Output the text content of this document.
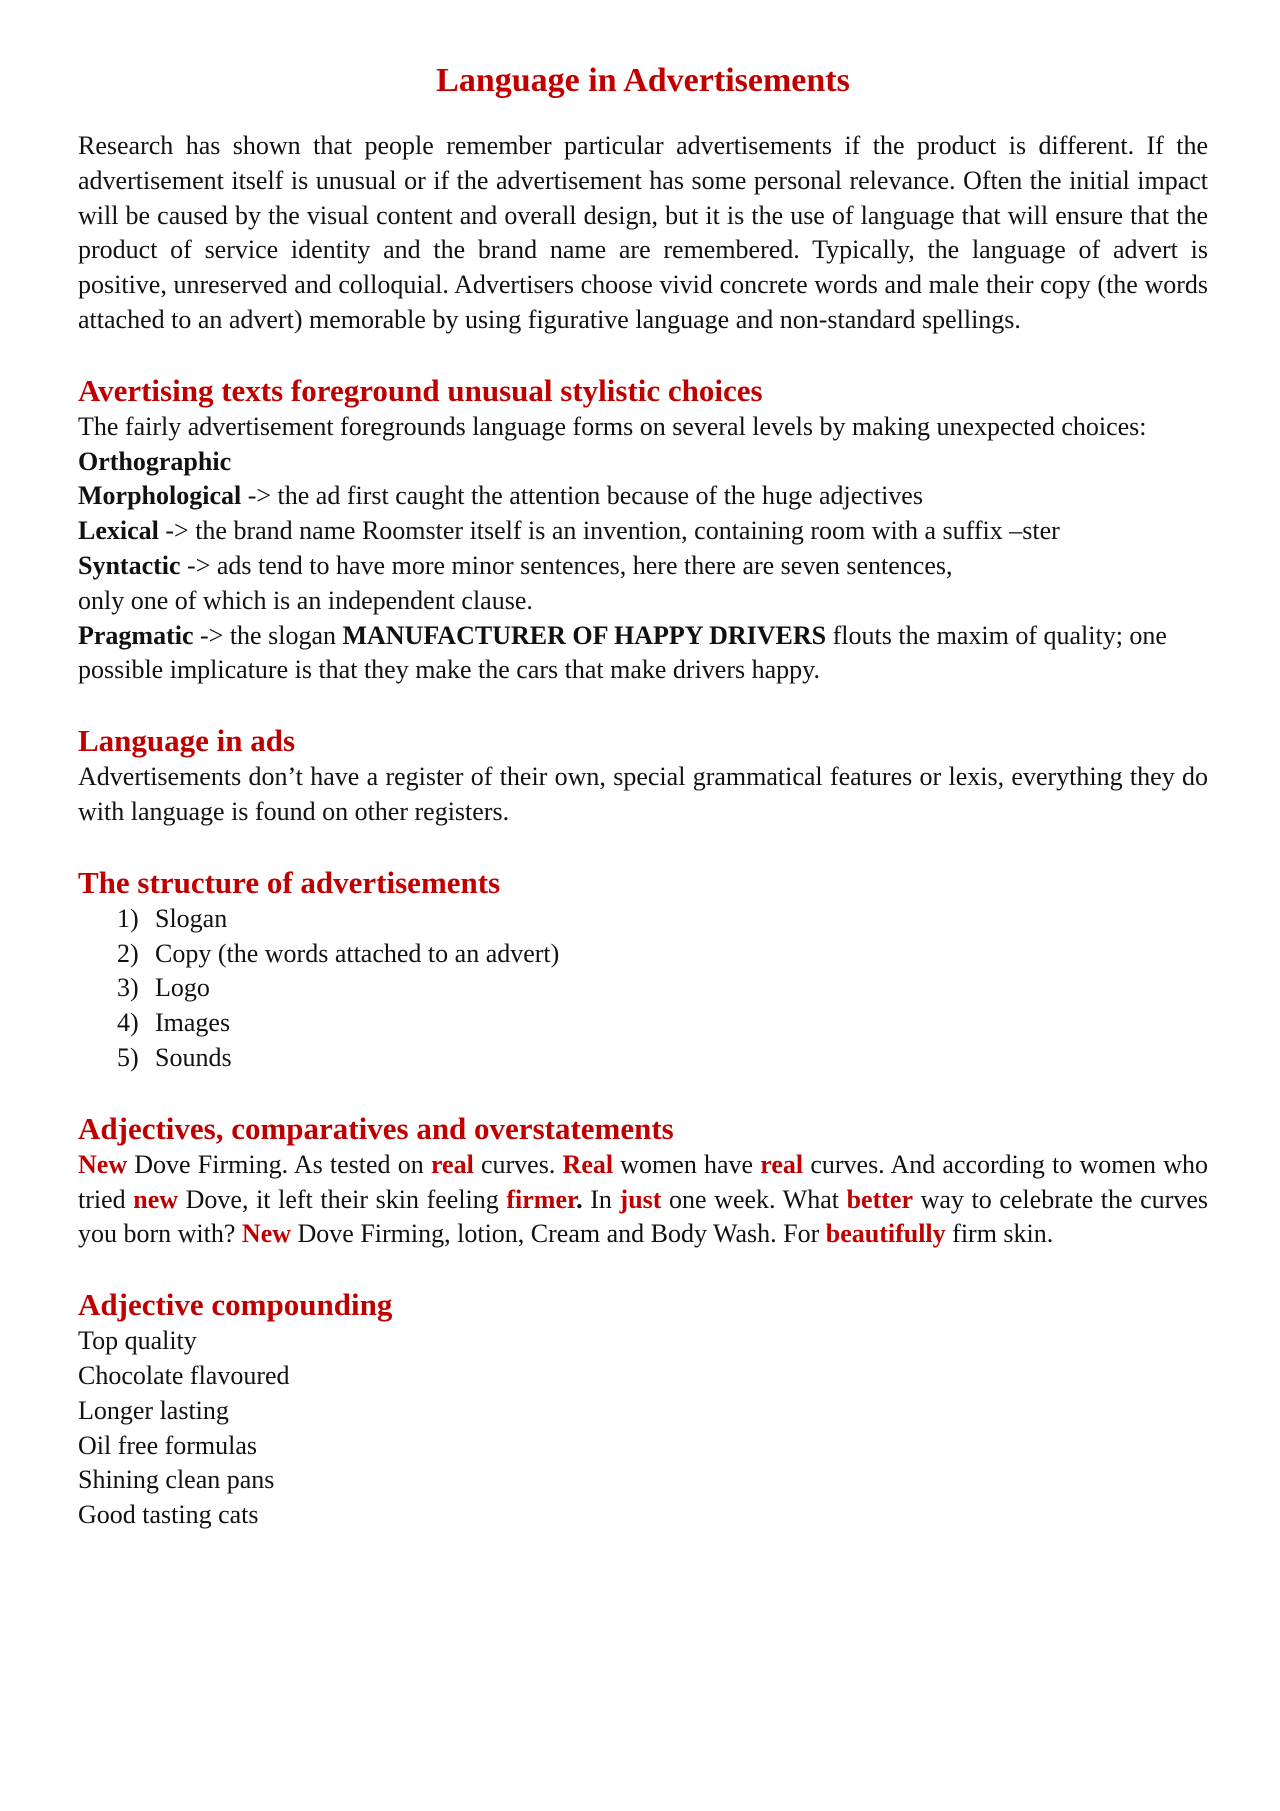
Language in Advertisements

Research has shown that people remember particular advertisements if the product is different. If the advertisement itself is unusual or if the advertisement has some personal relevance. Often the initial impact will be caused by the visual content and overall design, but it is the use of language that will ensure that the product of service identity and the brand name are remembered. Typically, the language of advert is positive, unreserved and colloquial. Advertisers choose vivid concrete words and male their copy (the words attached to an advert) memorable by using figurative language and non-standard spellings.

Avertising texts foreground unusual stylistic choices

The fairly advertisement foregrounds language forms on several levels by making unexpected choices:

Orthographic

Morphological -> the ad first caught the attention because of the huge adjectives

Lexical -> the brand name Roomster itself is an invention, containing room with a suffix –ster

Syntactic -> ads tend to have more minor sentences, here there are seven sentences,

only one of which is an independent clause.

Pragmatic -> the slogan MANUFACTURER OF HAPPY DRIVERS flouts the maxim of quality; one possible implicature is that they make the cars that make drivers happy.

Language in ads

Advertisements don’t have a register of their own, special grammatical features or lexis, everything they do with language is found on other registers.

The structure of advertisements
1) Slogan
2) Copy (the words attached to an advert)
3) Logo
4) Images
5) Sounds
Adjectives, comparatives and overstatements

New Dove Firming. As tested on real curves. Real women have real curves. And according to women who tried new Dove, it left their skin feeling firmer. In just one week. What better way to celebrate the curves you born with? New Dove Firming, lotion, Cream and Body Wash. For beautifully firm skin.

Adjective compounding

Top quality

Chocolate flavoured

Longer lasting

Oil free formulas

Shining clean pans

Good tasting cats
